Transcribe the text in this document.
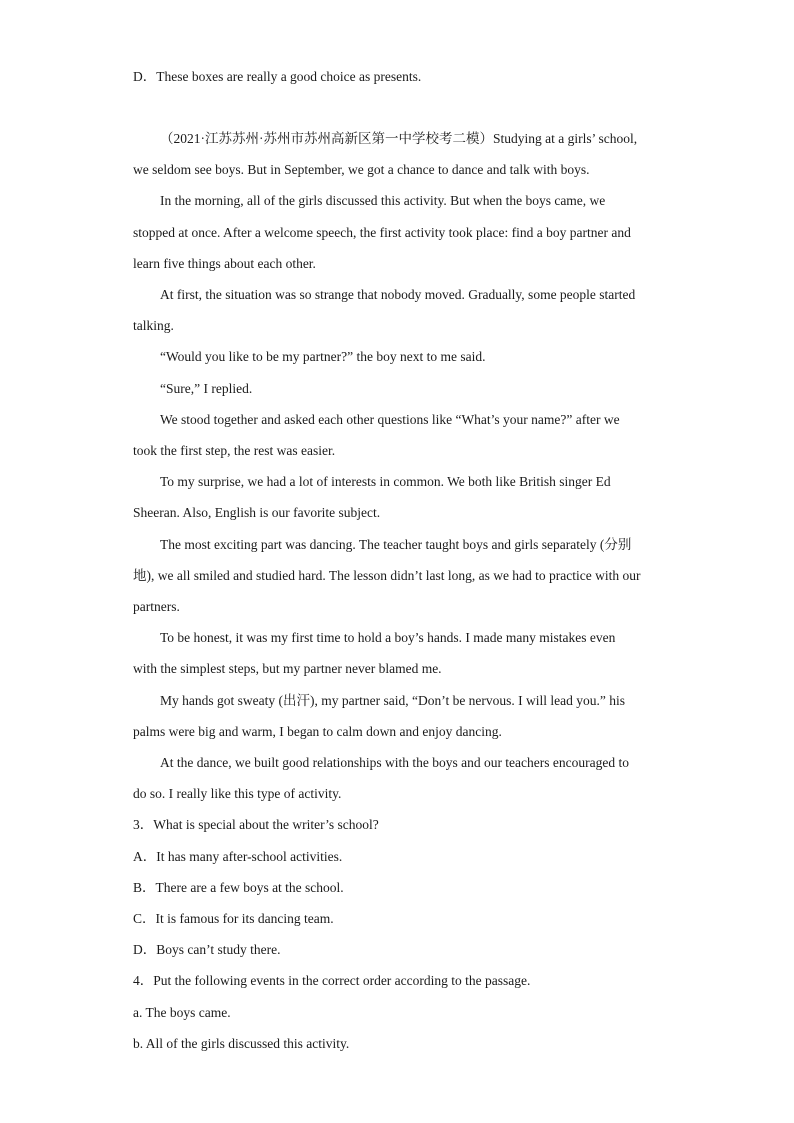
D．These boxes are really a good choice as presents.
（2021·江苏苏州·苏州市苏州高新区第一中学校考二模）Studying at a girls’ school,
we seldom see boys. But in September, we got a chance to dance and talk with boys.
In the morning, all of the girls discussed this activity. But when the boys came, we
stopped at once. After a welcome speech, the first activity took place: find a boy partner and
learn five things about each other.
At first, the situation was so strange that nobody moved. Gradually, some people started
talking.
“Would you like to be my partner?” the boy next to me said.
“Sure,” I replied.
We stood together and asked each other questions like “What’s your name?” after we
took the first step, the rest was easier.
To my surprise, we had a lot of interests in common. We both like British singer Ed
Sheeran. Also, English is our favorite subject.
The most exciting part was dancing. The teacher taught boys and girls separately (分别
地), we all smiled and studied hard. The lesson didn’t last long, as we had to practice with our
partners.
To be honest, it was my first time to hold a boy’s hands. I made many mistakes even
with the simplest steps, but my partner never blamed me.
My hands got sweaty (出汗), my partner said, “Don’t be nervous. I will lead you.” his
palms were big and warm, I began to calm down and enjoy dancing.
At the dance, we built good relationships with the boys and our teachers encouraged to
do so. I really like this type of activity.
3．What is special about the writer’s school?
A．It has many after-school activities.
B．There are a few boys at the school.
C．It is famous for its dancing team.
D．Boys can’t study there.
4．Put the following events in the correct order according to the passage.
a. The boys came.
b. All of the girls discussed this activity.
